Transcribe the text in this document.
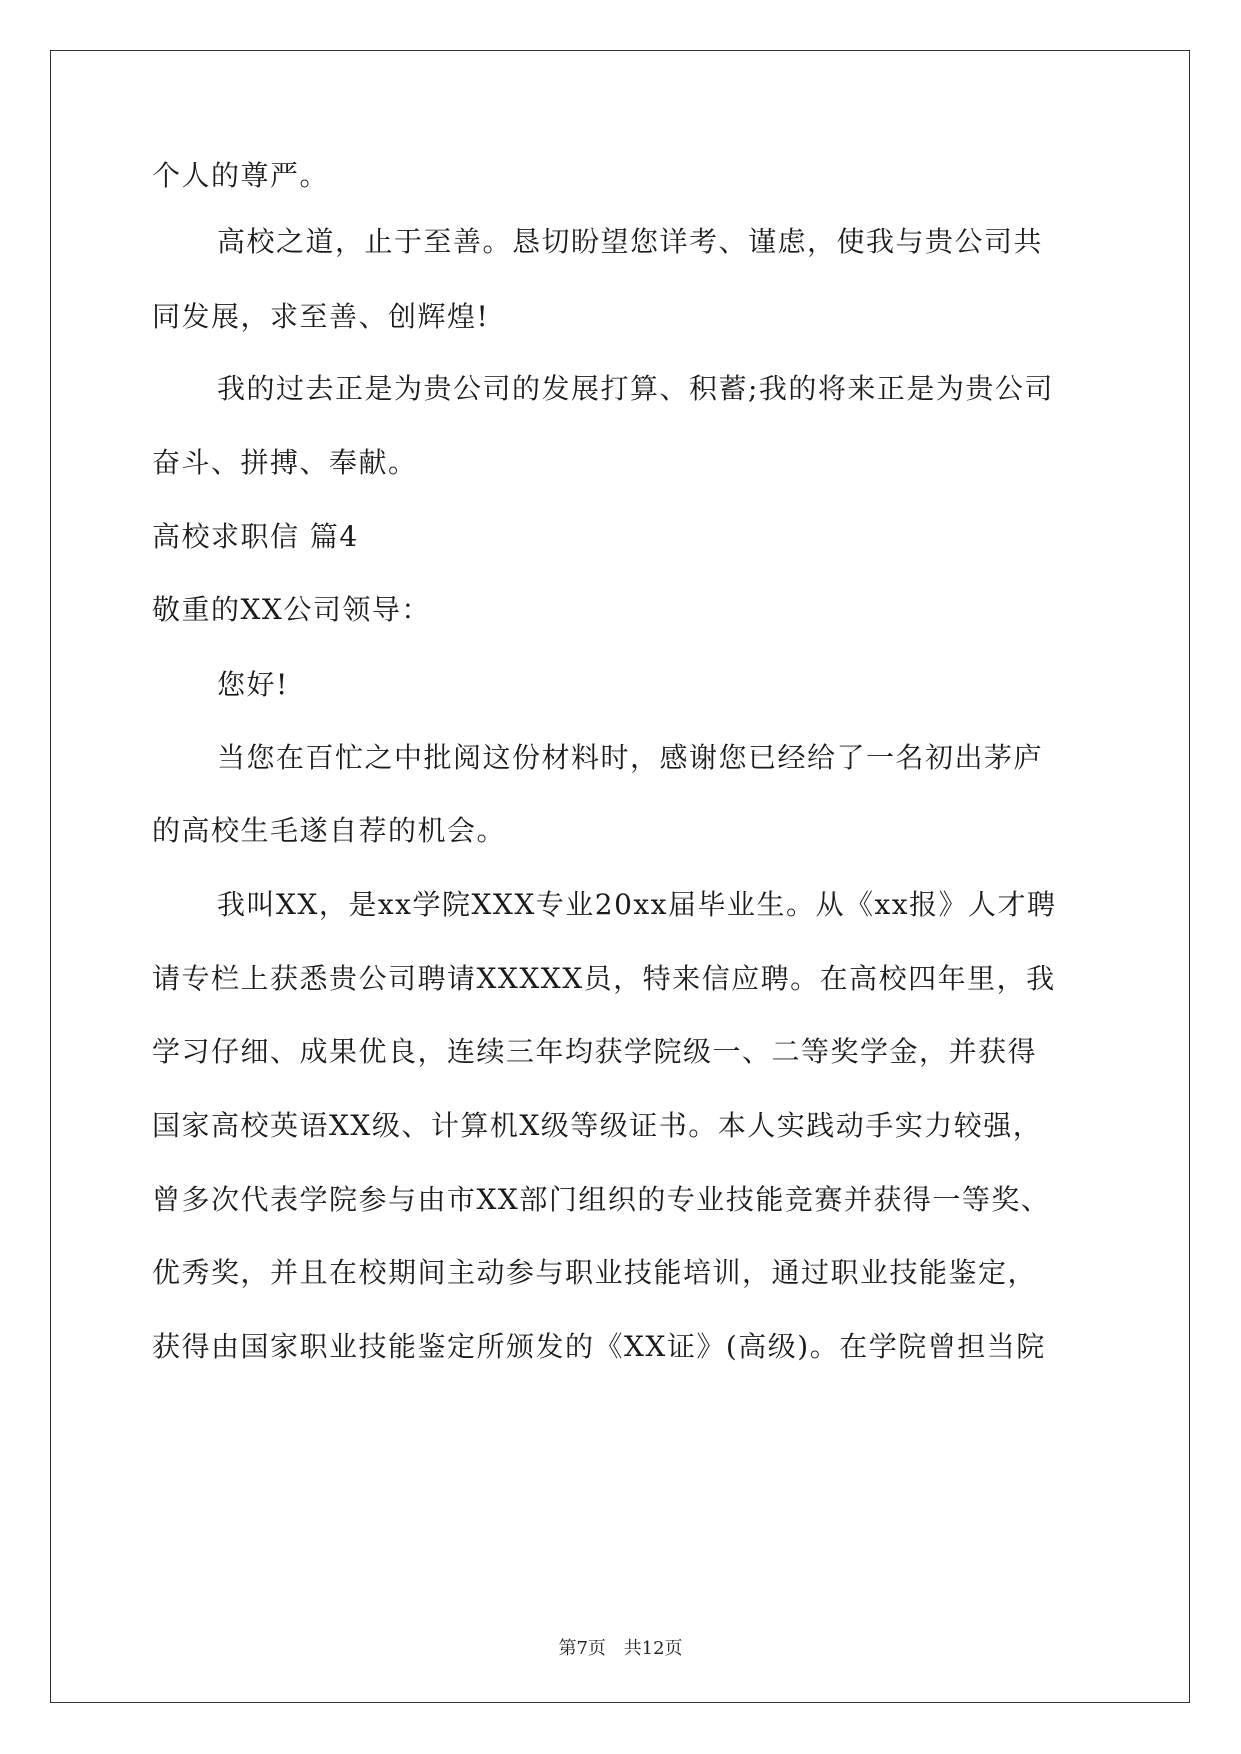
个人的尊严。
高校之道，止于至善。恳切盼望您详考、谨虑，使我与贵公司共
同发展，求至善、创辉煌!
我的过去正是为贵公司的发展打算、积蓄;我的将来正是为贵公司
奋斗、拼搏、奉献。
高校求职信 篇4
敬重的XX公司领导：
您好!
当您在百忙之中批阅这份材料时，感谢您已经给了一名初出茅庐
的高校生毛遂自荐的机会。
我叫XX，是xx学院XXX专业20xx届毕业生。从《xx报》人才聘
请专栏上获悉贵公司聘请XXXXX员，特来信应聘。在高校四年里，我
学习仔细、成果优良，连续三年均获学院级一、二等奖学金，并获得
国家高校英语XX级、计算机X级等级证书。本人实践动手实力较强，
曾多次代表学院参与由市XX部门组织的专业技能竞赛并获得一等奖、
优秀奖，并且在校期间主动参与职业技能培训，通过职业技能鉴定，
获得由国家职业技能鉴定所颁发的《XX证》(高级)。在学院曾担当院
第7页 共12页
